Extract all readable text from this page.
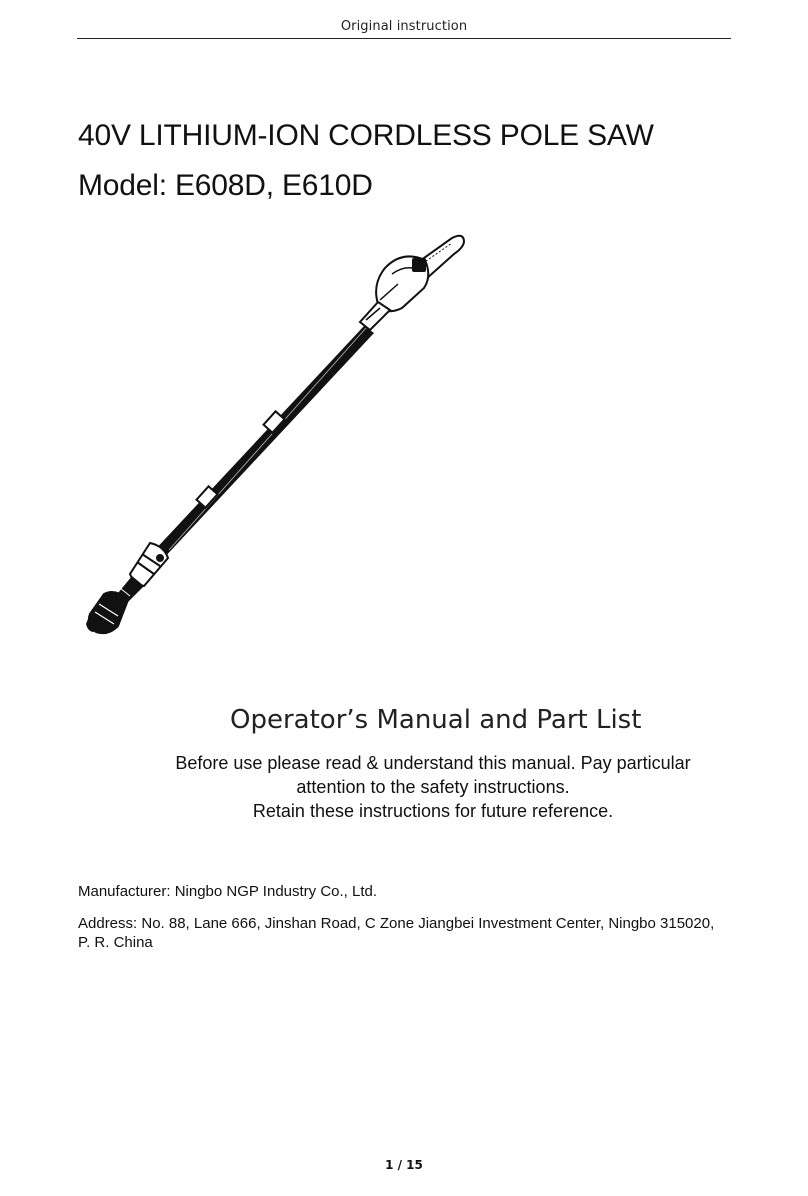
Original instruction
40V LITHIUM-ION CORDLESS POLE SAW
Model: E608D, E610D
Operator’s Manual and Part List

Before use please read & understand this manual. Pay particular attention to the safety instructions.

Retain these instructions for future reference.

Manufacturer: Ningbo NGP Industry Co., Ltd.

Address: No. 88, Lane 666, Jinshan Road, C Zone Jiangbei Investment Center, Ningbo 315020, P. R. China

1 / 15
